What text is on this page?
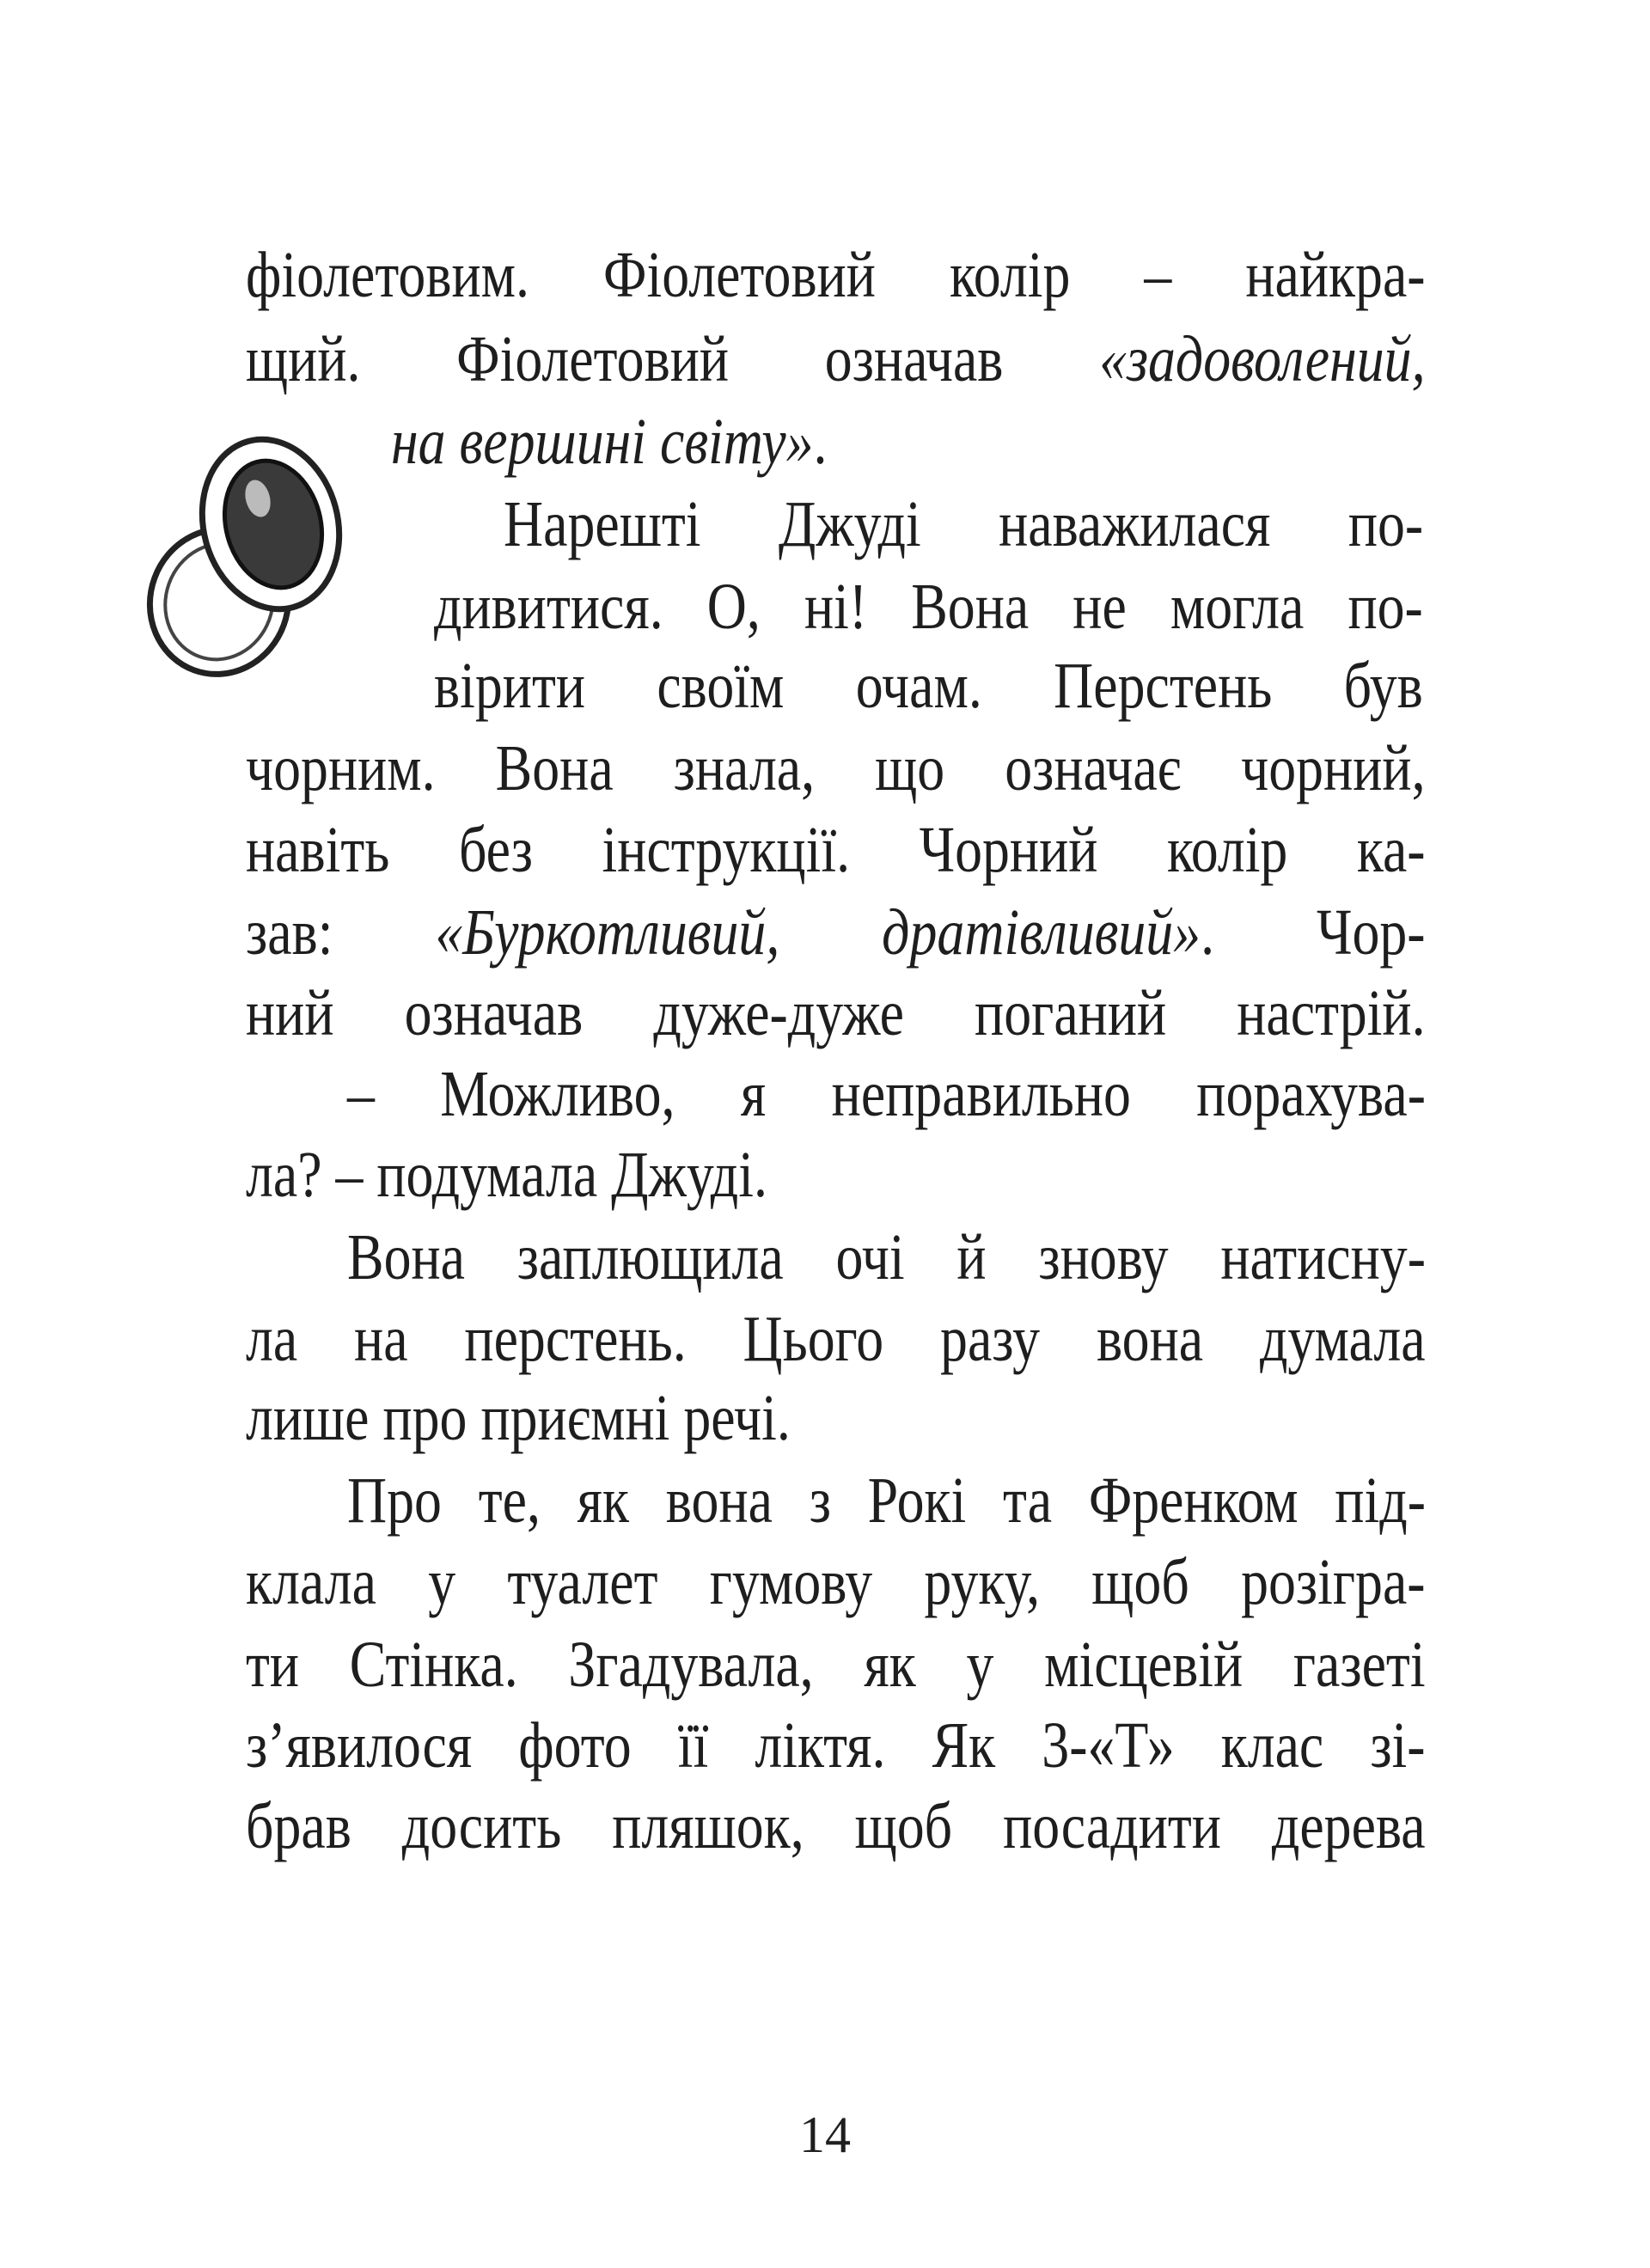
фіолетовим. Фіолетовий колір – найкра-
щий. Фіолетовий означав «задоволений,
на вершині світу».
Нарешті Джуді наважилася по-
дивитися. О, ні! Вона не могла по-
вірити своїм очам. Перстень був
чорним. Вона знала, що означає чорний,
навіть без інструкції. Чорний колір ка-
зав: «Буркотливий, дратівливий». Чор-
ний означав дуже-дуже поганий настрій.
– Можливо, я неправильно порахува-
ла? – подумала Джуді.
Вона заплющила очі й знову натисну-
ла на перстень. Цього разу вона думала
лише про приємні речі.
Про те, як вона з Рокі та Френком під-
клала у туалет гумову руку, щоб розігра-
ти Стінка. Згадувала, як у місцевій газеті
з’явилося фото її ліктя. Як 3-«Т» клас зі-
брав досить пляшок, щоб посадити дерева
14
